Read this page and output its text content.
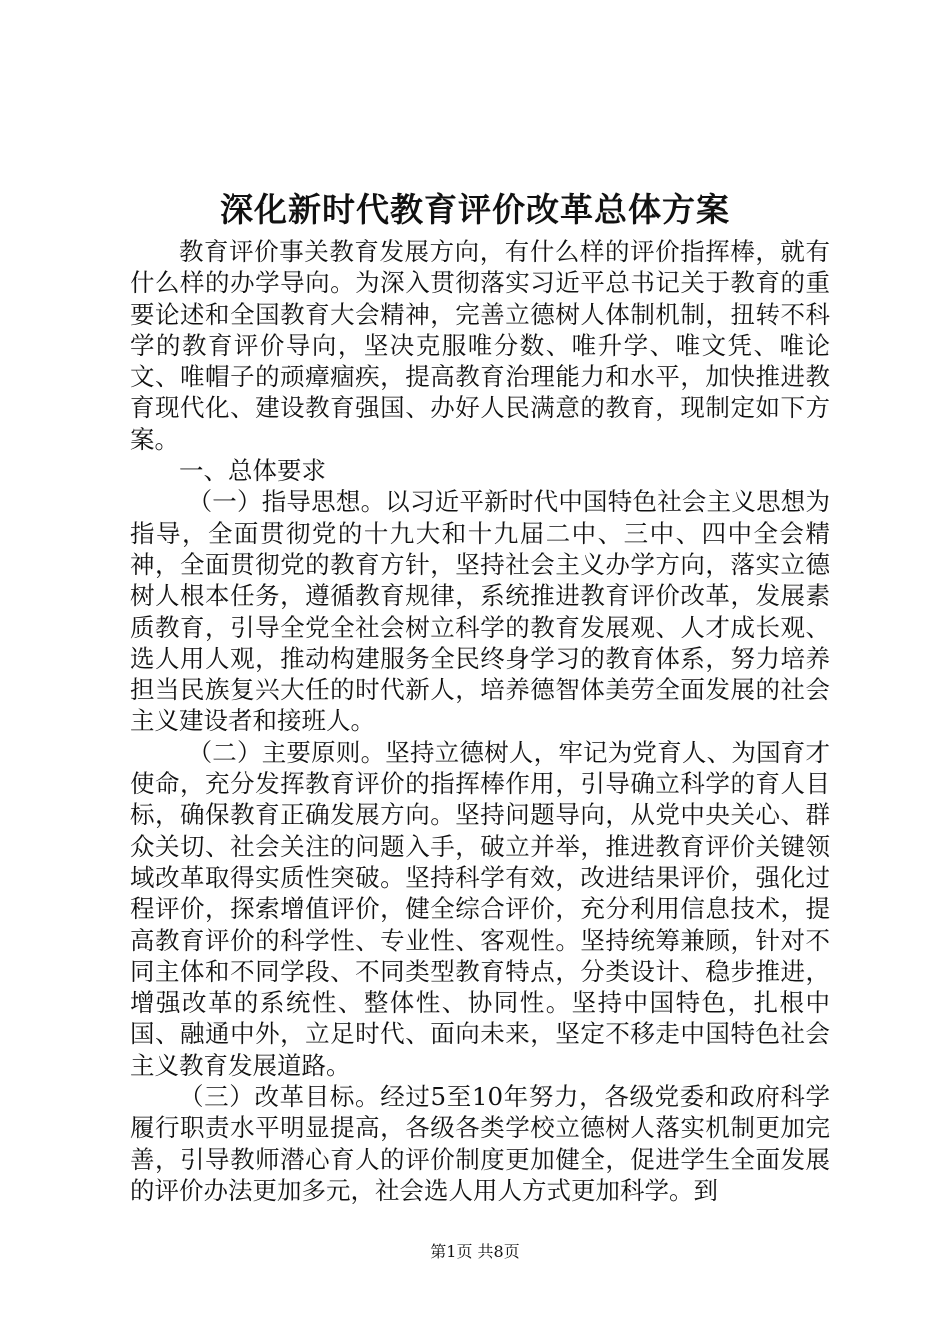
深化新时代教育评价改革总体方案

教育评价事关教育发展方向，有什么样的评价指挥棒，就有什么样的办学导向。为深入贯彻落实习近平总书记关于教育的重要论述和全国教育大会精神，完善立德树人体制机制，扭转不科学的教育评价导向，坚决克服唯分数、唯升学、唯文凭、唯论文、唯帽子的顽瘴痼疾，提高教育治理能力和水平，加快推进教育现代化、建设教育强国、办好人民满意的教育，现制定如下方案。

一、总体要求

（一）指导思想。以习近平新时代中国特色社会主义思想为指导，全面贯彻党的十九大和十九届二中、三中、四中全会精神，全面贯彻党的教育方针，坚持社会主义办学方向，落实立德树人根本任务，遵循教育规律，系统推进教育评价改革，发展素质教育，引导全党全社会树立科学的教育发展观、人才成长观、选人用人观，推动构建服务全民终身学习的教育体系，努力培养担当民族复兴大任的时代新人，培养德智体美劳全面发展的社会主义建设者和接班人。

（二）主要原则。坚持立德树人，牢记为党育人、为国育才使命，充分发挥教育评价的指挥棒作用，引导确立科学的育人目标，确保教育正确发展方向。坚持问题导向，从党中央关心、群众关切、社会关注的问题入手，破立并举，推进教育评价关键领域改革取得实质性突破。坚持科学有效，改进结果评价，强化过程评价，探索增值评价，健全综合评价，充分利用信息技术，提高教育评价的科学性、专业性、客观性。坚持统筹兼顾，针对不同主体和不同学段、不同类型教育特点，分类设计、稳步推进，增强改革的系统性、整体性、协同性。坚持中国特色，扎根中国、融通中外，立足时代、面向未来，坚定不移走中国特色社会主义教育发展道路。

（三）改革目标。经过5至10年努力，各级党委和政府科学履行职责水平明显提高，各级各类学校立德树人落实机制更加完善，引导教师潜心育人的评价制度更加健全，促进学生全面发展的评价办法更加多元，社会选人用人方式更加科学。到

第1页 共8页
